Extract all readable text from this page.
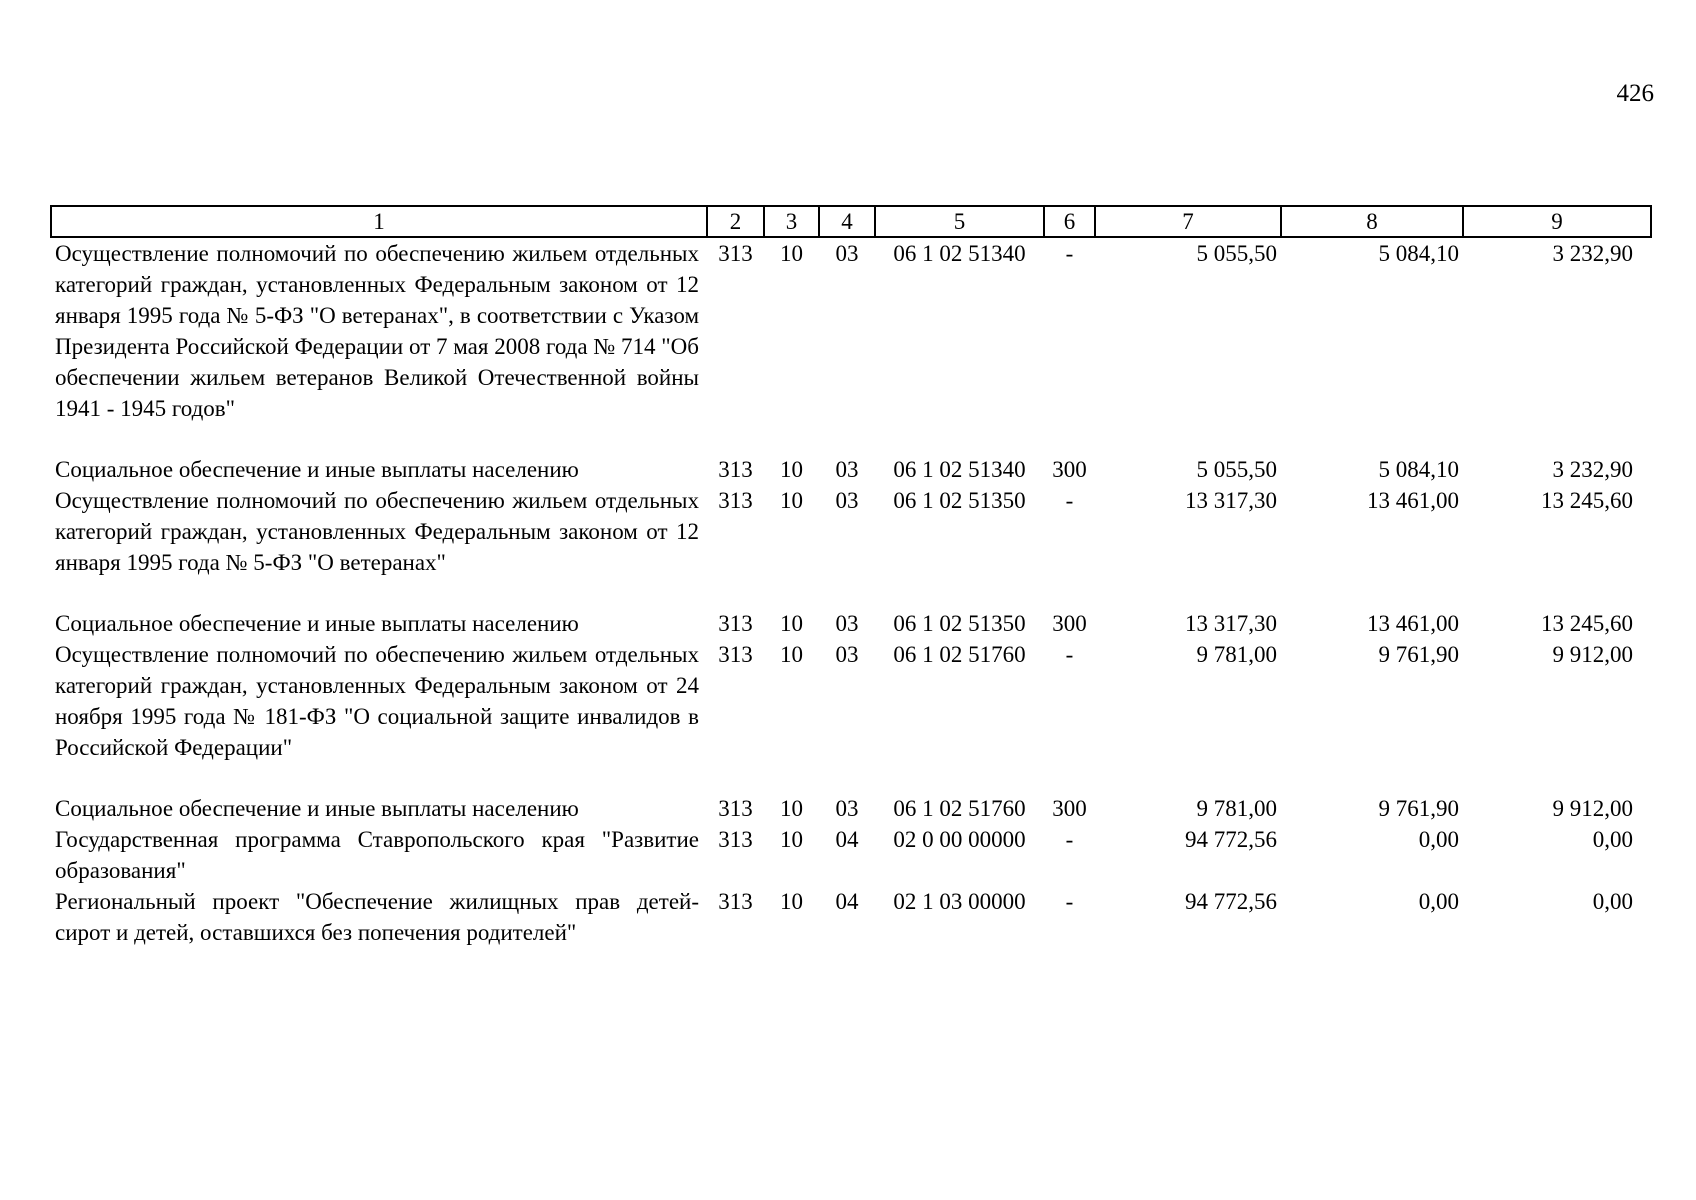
426
1	2	3	4	5	6	7	8	9
Осуществление полномочий по обеспечению жильем отдельных категорий граждан, установленных Федеральным законом от 12 января 1995 года № 5-ФЗ "О ветеранах", в соответствии с Указом Президента Российской Федерации от 7 мая 2008 года № 714 "Об обеспечении жильем ветеранов Великой Отечественной войны 1941 - 1945 годов"	313	10	03	06 1 02 51340	-	5 055,50	5 084,10	3 232,90

Социальное обеспечение и иные выплаты населению	313	10	03	06 1 02 51340	300	5 055,50	5 084,10	3 232,90
Осуществление полномочий по обеспечению жильем отдельных категорий граждан, установленных Федеральным законом от 12 января 1995 года № 5-ФЗ "О ветеранах"	313	10	03	06 1 02 51350	-	13 317,30	13 461,00	13 245,60

Социальное обеспечение и иные выплаты населению	313	10	03	06 1 02 51350	300	13 317,30	13 461,00	13 245,60
Осуществление полномочий по обеспечению жильем отдельных категорий граждан, установленных Федеральным законом от 24 ноября 1995 года № 181-ФЗ "О социальной защите инвалидов в Российской Федерации"	313	10	03	06 1 02 51760	-	9 781,00	9 761,90	9 912,00

Социальное обеспечение и иные выплаты населению	313	10	03	06 1 02 51760	300	9 781,00	9 761,90	9 912,00
Государственная программа Ставропольского края "Развитие образования"	313	10	04	02 0 00 00000	-	94 772,56	0,00	0,00
Региональный проект "Обеспечение жилищных прав детей-сирот и детей, оставшихся без попечения родителей"	313	10	04	02 1 03 00000	-	94 772,56	0,00	0,00
